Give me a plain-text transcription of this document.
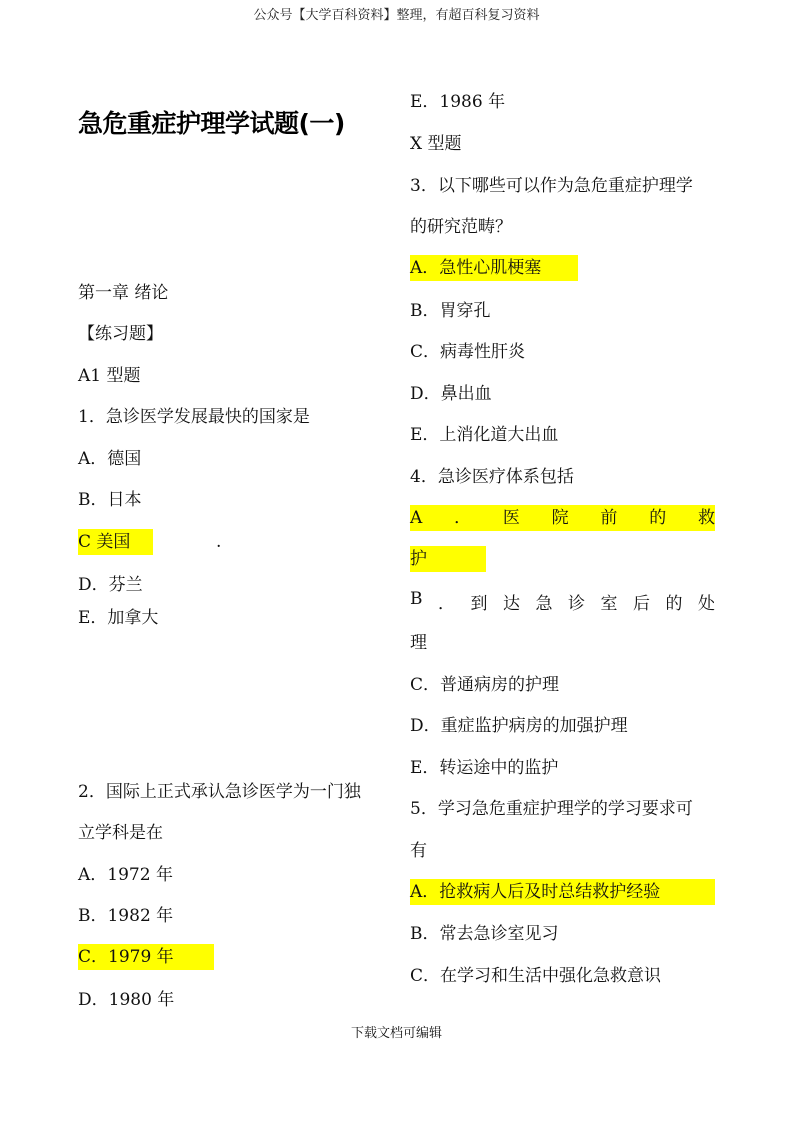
公众号【大学百科资料】整理，有超百科复习资料
急危重症护理学试题(一)
第一章 绪论
【练习题】
A1 型题
1．急诊医学发展最快的国家是
A．德国
B．日本
C 美国	.
D．芬兰
E．加拿大
2．国际上正式承认急诊医学为一门独
立学科是在
A．1972 年
B．1982 年
C．1979 年
D．1980 年
E．1986 年
X 型题
3．以下哪些可以作为急危重症护理学
的研究范畴？
A．急性心肌梗塞
B．胃穿孔
C．病毒性肝炎
D．鼻出血
E．上消化道大出血
4．急诊医疗体系包括
A ． 医 院 前 的 救
护
B ． 到 达 急 诊 室 后 的 处
理
C．普通病房的护理
D．重症监护病房的加强护理
E．转运途中的监护
5．学习急危重症护理学的学习要求可
有
A．抢救病人后及时总结救护经验
B．常去急诊室见习
C．在学习和生活中强化急救意识
下载文档可编辑
